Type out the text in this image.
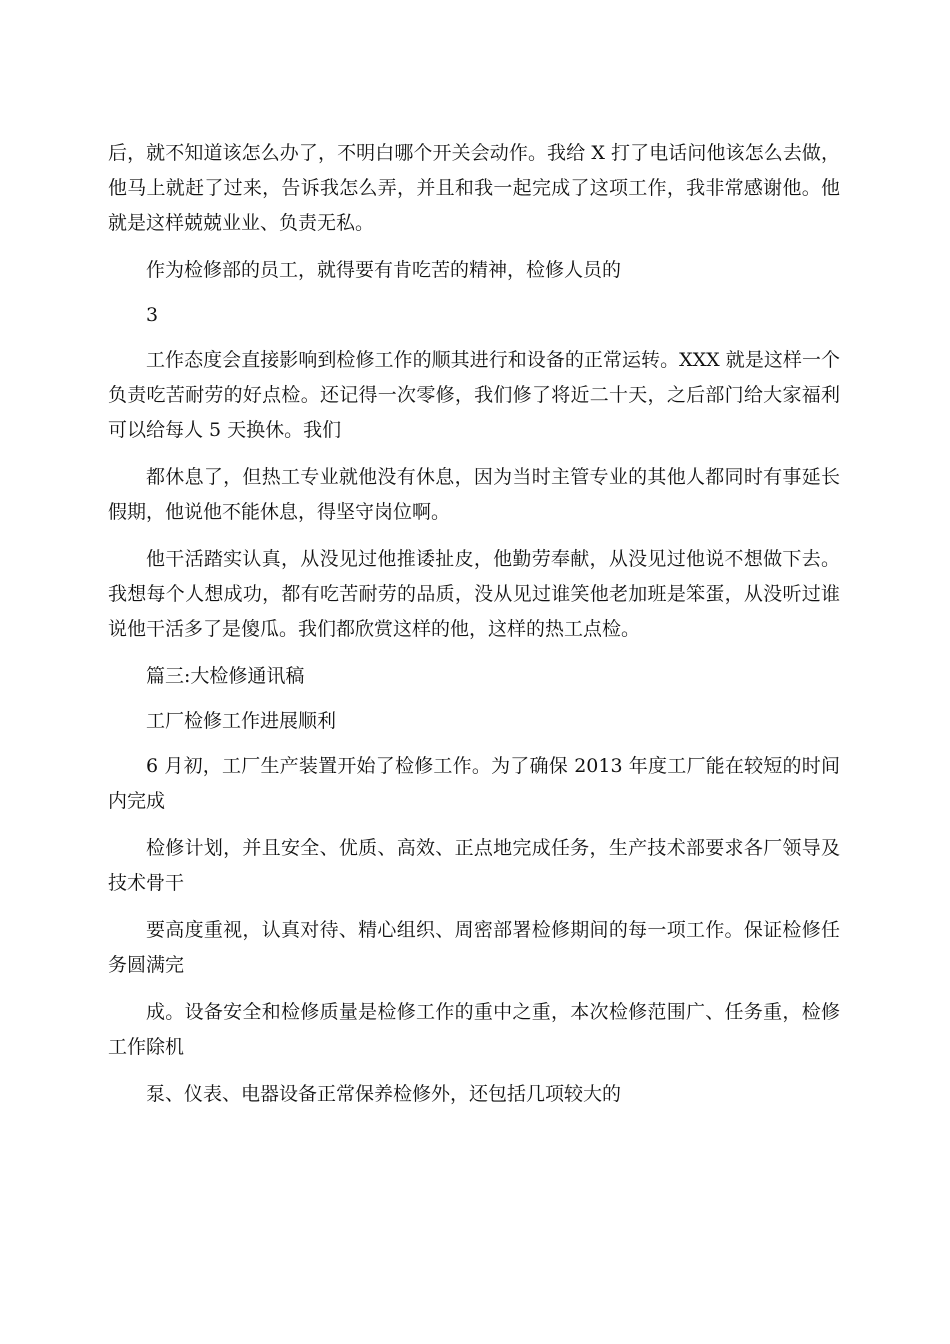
后，就不知道该怎么办了，不明白哪个开关会动作。我给 X 打了电话问他该怎么去做，他马上就赶了过来，告诉我怎么弄，并且和我一起完成了这项工作，我非常感谢他。他就是这样兢兢业业、负责无私。

作为检修部的员工，就得要有肯吃苦的精神，检修人员的

3

工作态度会直接影响到检修工作的顺其进行和设备的正常运转。XXX 就是这样一个负责吃苦耐劳的好点检。还记得一次零修，我们修了将近二十天，之后部门给大家福利可以给每人 5 天换休。我们

都休息了，但热工专业就他没有休息，因为当时主管专业的其他人都同时有事延长假期，他说他不能休息，得坚守岗位啊。

他干活踏实认真，从没见过他推诿扯皮，他勤劳奉献，从没见过他说不想做下去。我想每个人想成功，都有吃苦耐劳的品质，没从见过谁笑他老加班是笨蛋，从没听过谁说他干活多了是傻瓜。我们都欣赏这样的他，这样的热工点检。

篇三:大检修通讯稿

工厂检修工作进展顺利

6 月初，工厂生产装置开始了检修工作。为了确保 2013 年度工厂能在较短的时间内完成

检修计划，并且安全、优质、高效、正点地完成任务，生产技术部要求各厂领导及技术骨干

要高度重视，认真对待、精心组织、周密部署检修期间的每一项工作。保证检修任务圆满完

成。设备安全和检修质量是检修工作的重中之重，本次检修范围广、任务重，检修工作除机

泵、仪表、电器设备正常保养检修外，还包括几项较大的
